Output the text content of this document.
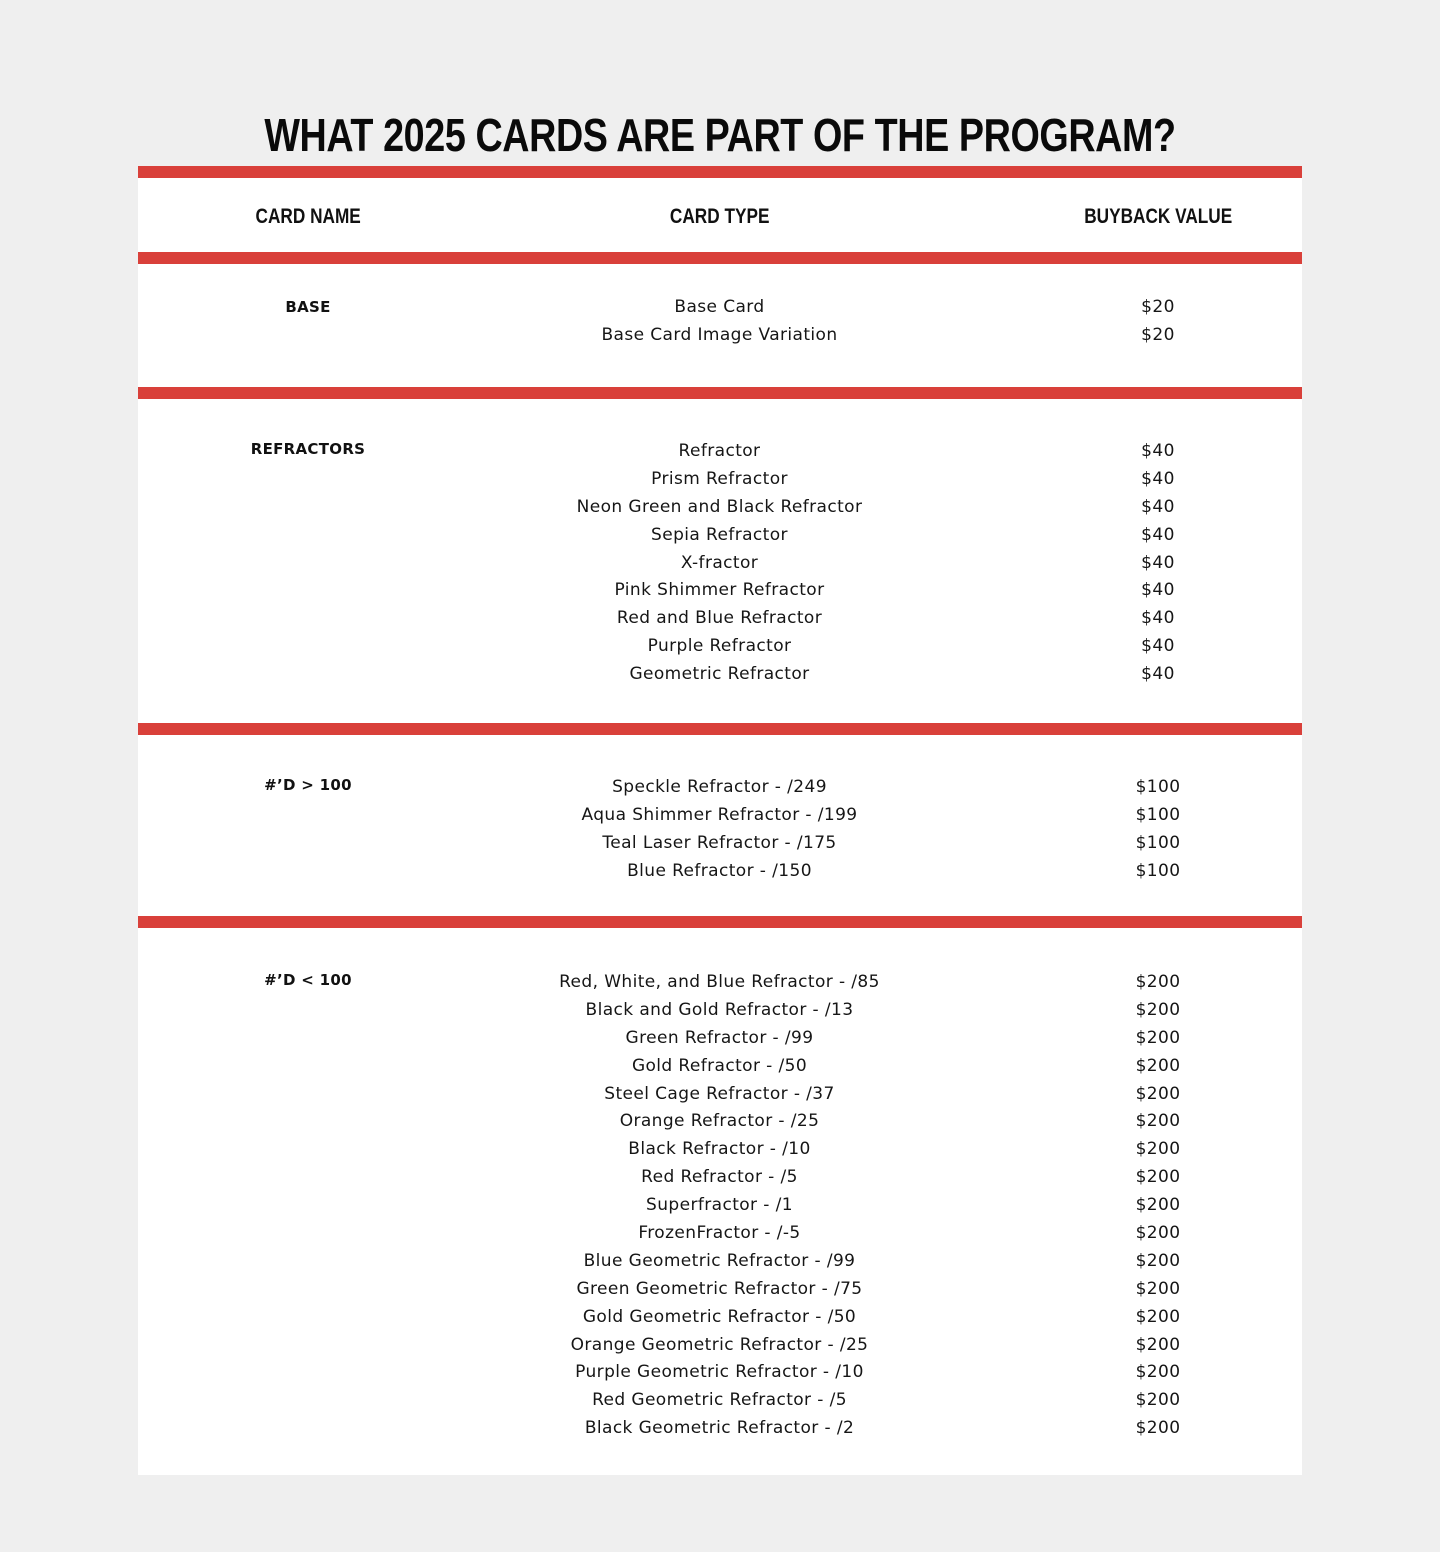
WHAT 2025 CARDS ARE PART OF THE PROGRAM?
CARD NAME	CARD TYPE	BUYBACK VALUE
BASE	Base Card	$20
Base Card Image Variation	$20
REFRACTORS	Refractor	$40
Prism Refractor	$40
Neon Green and Black Refractor	$40
Sepia Refractor	$40
X-fractor	$40
Pink Shimmer Refractor	$40
Red and Blue Refractor	$40
Purple Refractor	$40
Geometric Refractor	$40
#’D > 100	Speckle Refractor - /249	$100
Aqua Shimmer Refractor - /199	$100
Teal Laser Refractor - /175	$100
Blue Refractor - /150	$100
#’D < 100	Red, White, and Blue Refractor - /85	$200
Black and Gold Refractor - /13	$200
Green Refractor - /99	$200
Gold Refractor - /50	$200
Steel Cage Refractor - /37	$200
Orange Refractor - /25	$200
Black Refractor - /10	$200
Red Refractor - /5	$200
Superfractor - /1	$200
FrozenFractor - /-5	$200
Blue Geometric Refractor - /99	$200
Green Geometric Refractor - /75	$200
Gold Geometric Refractor - /50	$200
Orange Geometric Refractor - /25	$200
Purple Geometric Refractor - /10	$200
Red Geometric Refractor - /5	$200
Black Geometric Refractor - /2	$200
